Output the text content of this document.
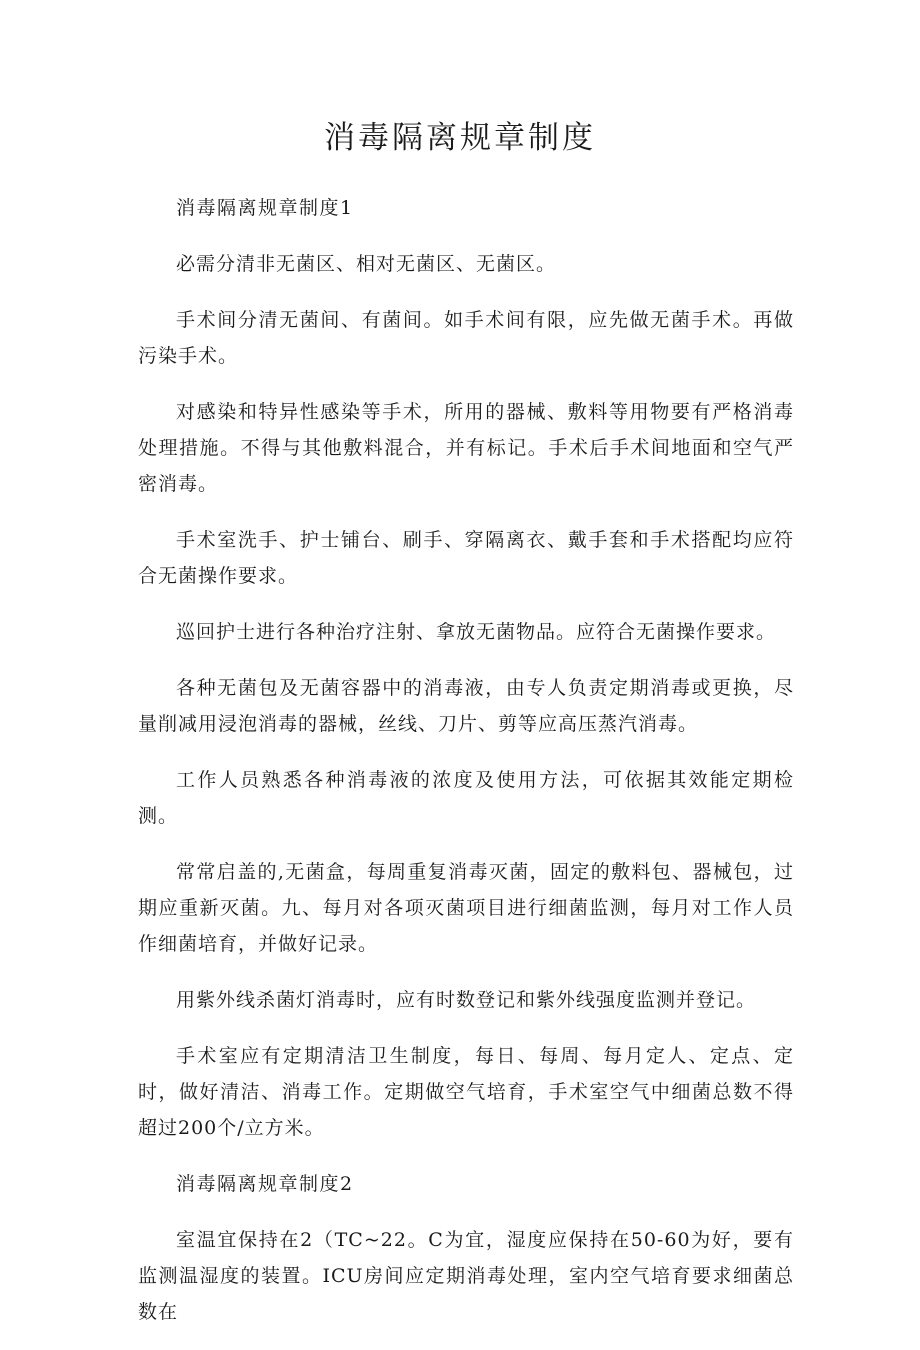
消毒隔离规章制度

消毒隔离规章制度1

必需分清非无菌区、相对无菌区、无菌区。

手术间分清无菌间、有菌间。如手术间有限，应先做无菌手术。再做污染手术。

对感染和特异性感染等手术，所用的器械、敷料等用物要有严格消毒处理措施。不得与其他敷料混合，并有标记。手术后手术间地面和空气严密消毒。

手术室洗手、护士铺台、刷手、穿隔离衣、戴手套和手术搭配均应符合无菌操作要求。

巡回护士进行各种治疗注射、拿放无菌物品。应符合无菌操作要求。

各种无菌包及无菌容器中的消毒液，由专人负责定期消毒或更换，尽量削减用浸泡消毒的器械，丝线、刀片、剪等应高压蒸汽消毒。

工作人员熟悉各种消毒液的浓度及使用方法，可依据其效能定期检测。

常常启盖的,无菌盒，每周重复消毒灭菌，固定的敷料包、器械包，过期应重新灭菌。九、每月对各项灭菌项目进行细菌监测，每月对工作人员作细菌培育，并做好记录。

用紫外线杀菌灯消毒时，应有时数登记和紫外线强度监测并登记。

手术室应有定期清洁卫生制度，每日、每周、每月定人、定点、定时，做好清洁、消毒工作。定期做空气培育，手术室空气中细菌总数不得超过200个/立方米。

消毒隔离规章制度2

室温宜保持在2（TC~22。C为宜，湿度应保持在50-60为好，要有监测温湿度的装置。ICU房间应定期消毒处理，室内空气培育要求细菌总数在
